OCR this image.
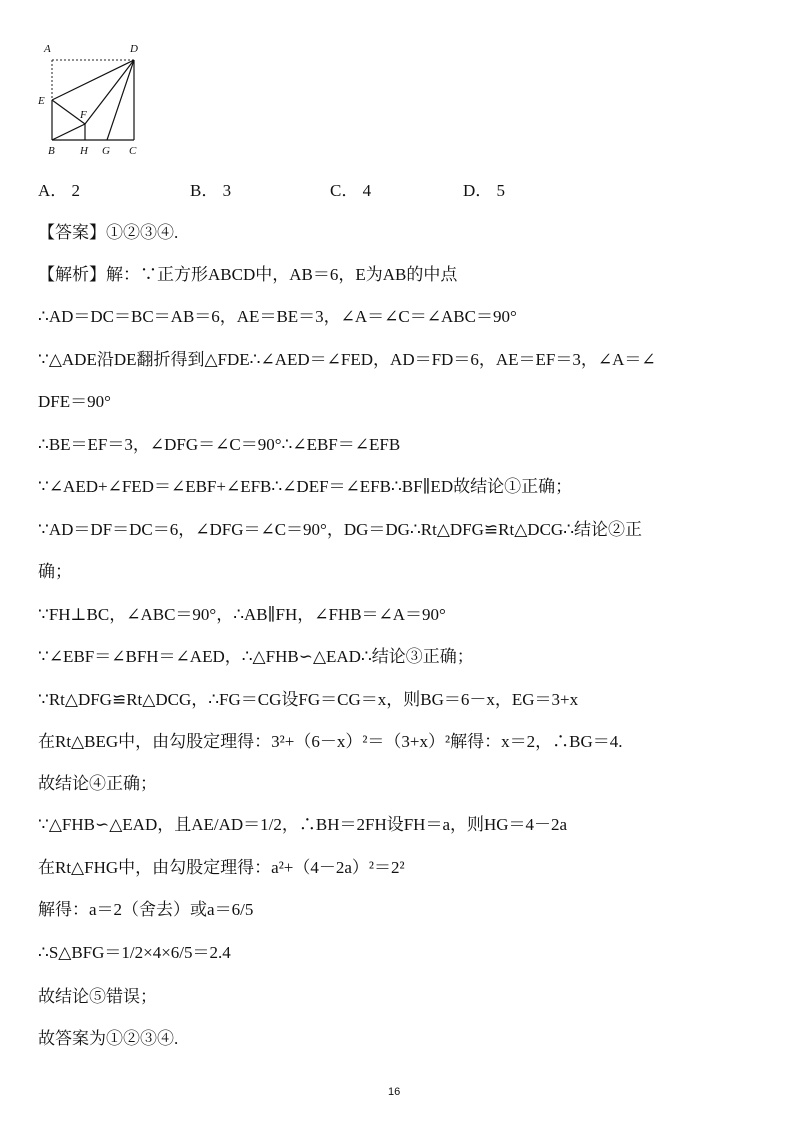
A	D
E
F
B H G C
A． 2	B． 3	C． 4	D． 5
【答案】①②③④.
【解析】解：∵正方形ABCD中，AB＝6，E为AB的中点
∴AD＝DC＝BC＝AB＝6，AE＝BE＝3，∠A＝∠C＝∠ABC＝90°
∵△ADE沿DE翻折得到△FDE∴∠AED＝∠FED，AD＝FD＝6，AE＝EF＝3，∠A＝∠
DFE＝90°
∴BE＝EF＝3，∠DFG＝∠C＝90°∴∠EBF＝∠EFB
∵∠AED+∠FED＝∠EBF+∠EFB∴∠DEF＝∠EFB∴BF∥ED故结论①正确；
∵AD＝DF＝DC＝6，∠DFG＝∠C＝90°，DG＝DG∴Rt△DFG≌Rt△DCG∴结论②正
确；
∵FH⊥BC，∠ABC＝90°，∴AB∥FH，∠FHB＝∠A＝90°
∵∠EBF＝∠BFH＝∠AED，∴△FHB∽△EAD∴结论③正确；
∵Rt△DFG≌Rt△DCG，∴FG＝CG设FG＝CG＝x，则BG＝6－x，EG＝3+x
在Rt△BEG中，由勾股定理得：3²+（6－x）²＝（3+x）²解得：x＝2，∴BG＝4.
故结论④正确；
∵△FHB∽△EAD，且AE/AD＝1/2，∴BH＝2FH设FH＝a，则HG＝4－2a
在Rt△FHG中，由勾股定理得：a²+（4－2a）²＝2²
解得：a＝2（舍去）或a＝6/5
∴S△BFG＝1/2×4×6/5＝2.4
故结论⑤错误；
故答案为①②③④.
16
